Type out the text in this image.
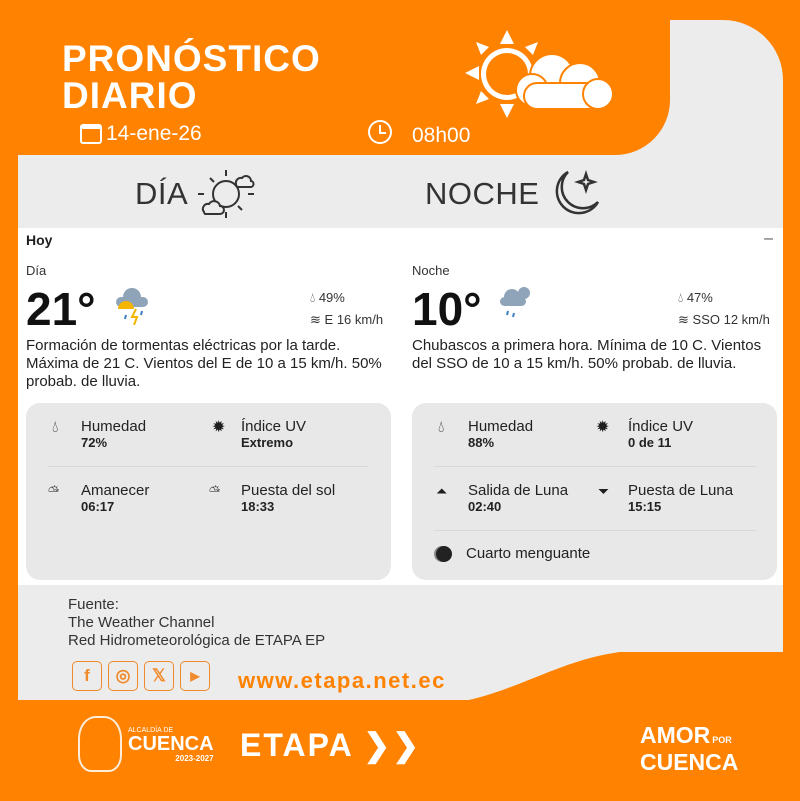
PRONÓSTICO
DIARIO
14-ene-26	08h00
DÍA	NOCHE
Hoy	–
Día
21°	💧︎ 49%
≋ E 16 km/h
Formación de tormentas eléctricas por la tarde. Máxima de 21 C. Vientos del E de 10 a 15 km/h. 50% probab. de lluvia.
💧︎ Humedad
72%
✹ Índice UV
Extremo
⛅︎ Amanecer
06:17
⛅︎ Puesta del sol
18:33
Noche
10°	💧︎ 47%
≋ SSO 12 km/h
Chubascos a primera hora. Mínima de 10 C. Vientos del SSO de 10 a 15 km/h. 50% probab. de lluvia.
💧︎ Humedad
88%
✹ Índice UV
0 de 11
⏶ Salida de Luna
02:40
⏷ Puesta de Luna
15:15
Cuarto menguante
Fuente:
The Weather Channel
Red Hidrometeorológica de ETAPA EP
f	◎	𝕏	▶	www.etapa.net.ec
ALCALDÍA DE
CUENCA
2023-2027 ETAPA ❯❯	AMOR POR
CUENCA
